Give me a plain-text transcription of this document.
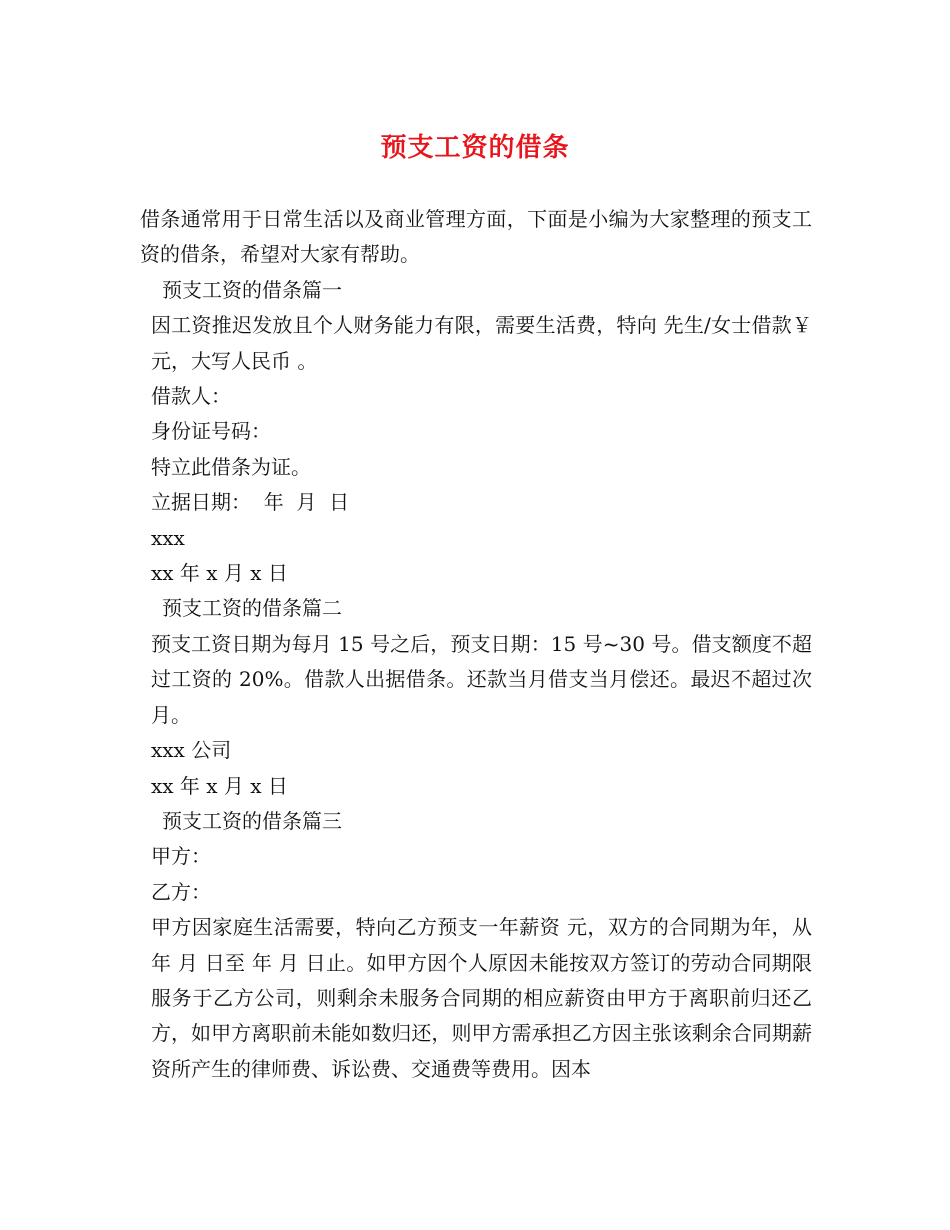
预支工资的借条

借条通常用于日常生活以及商业管理方面，下面是小编为大家整理的预支工资的借条，希望对大家有帮助。

预支工资的借条篇一

因工资推迟发放且个人财务能力有限，需要生活费，特向 先生/女士借款￥ 元，大写人民币 。

借款人：

身份证号码：

特立此借条为证。

立据日期：  年  月  日

xxx

xx 年 x 月 x 日

预支工资的借条篇二

预支工资日期为每月 15 号之后，预支日期：15 号~30 号。借支额度不超过工资的 20%。借款人出据借条。还款当月借支当月偿还。最迟不超过次月。

xxx 公司

xx 年 x 月 x 日

预支工资的借条篇三

甲方：

乙方：

甲方因家庭生活需要，特向乙方预支一年薪资 元，双方的合同期为年，从 年 月 日至 年 月 日止。如甲方因个人原因未能按双方签订的劳动合同期限服务于乙方公司，则剩余未服务合同期的相应薪资由甲方于离职前归还乙方，如甲方离职前未能如数归还，则甲方需承担乙方因主张该剩余合同期薪资所产生的律师费、诉讼费、交通费等费用。因本
